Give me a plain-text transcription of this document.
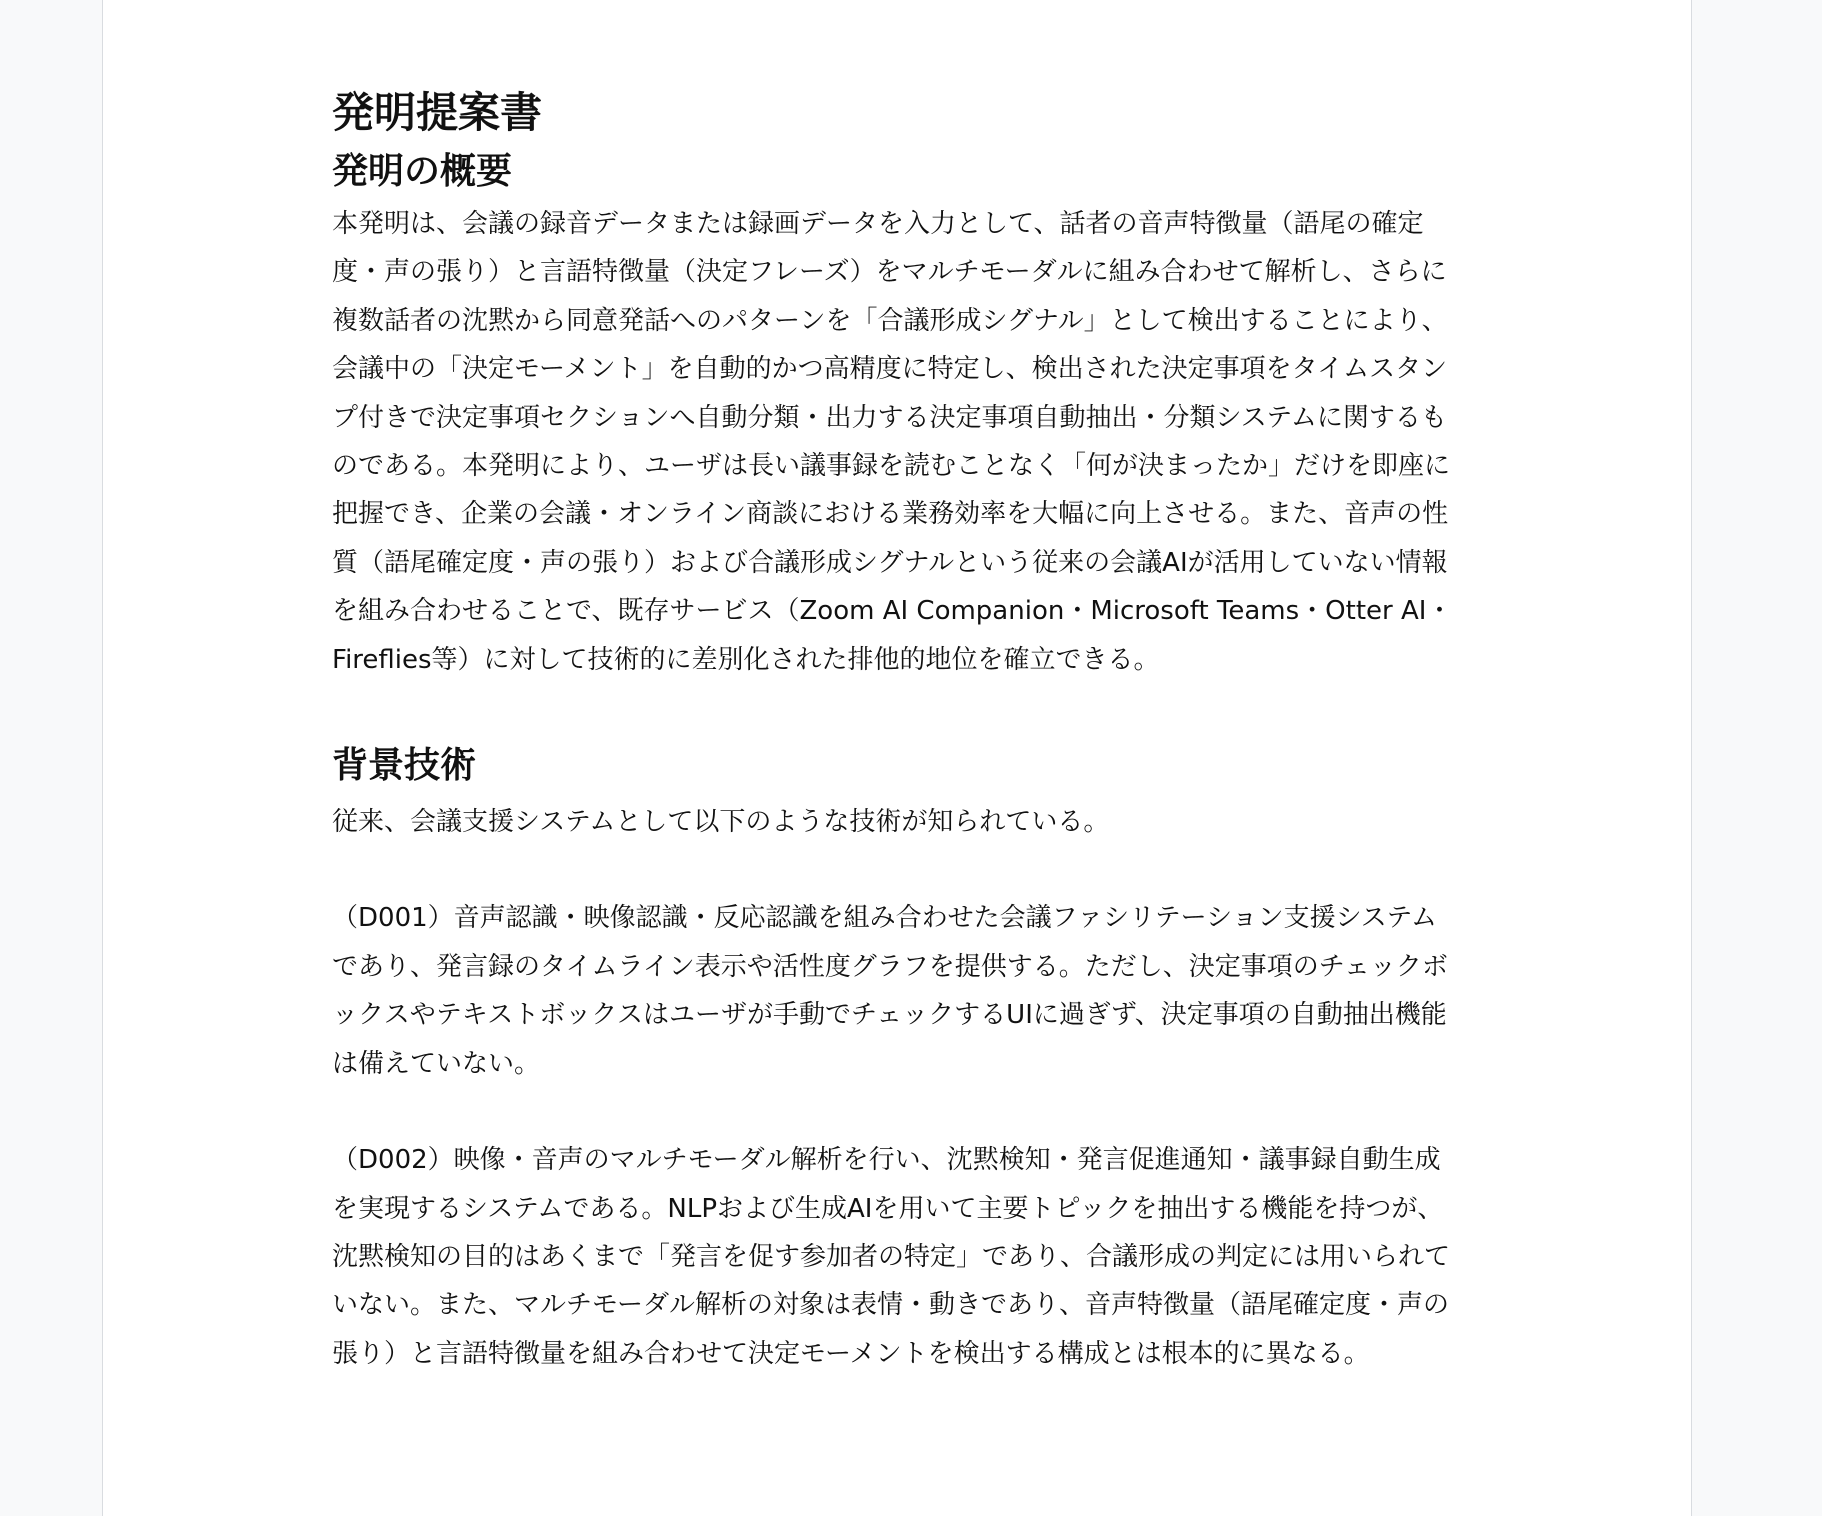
発明提案書
発明の概要

本発明は、会議の録音データまたは録画データを入力として、話者の音声特徴量（語尾の確定度・声の張り）と言語特徴量（決定フレーズ）をマルチモーダルに組み合わせて解析し、さらに複数話者の沈黙から同意発話へのパターンを「合議形成シグナル」として検出することにより、会議中の「決定モーメント」を自動的かつ高精度に特定し、検出された決定事項をタイムスタンプ付きで決定事項セクションへ自動分類・出力する決定事項自動抽出・分類システムに関するものである。本発明により、ユーザは長い議事録を読むことなく「何が決まったか」だけを即座に把握でき、企業の会議・オンライン商談における業務効率を大幅に向上させる。また、音声の性質（語尾確定度・声の張り）および合議形成シグナルという従来の会議AIが活用していない情報を組み合わせることで、既存サービス（Zoom AI Companion・Microsoft Teams・Otter AI・Fireflies等）に対して技術的に差別化された排他的地位を確立できる。

背景技術

従来、会議支援システムとして以下のような技術が知られている。

（D001）音声認識・映像認識・反応認識を組み合わせた会議ファシリテーション支援システムであり、発言録のタイムライン表示や活性度グラフを提供する。ただし、決定事項のチェックボックスやテキストボックスはユーザが手動でチェックするUIに過ぎず、決定事項の自動抽出機能は備えていない。

（D002）映像・音声のマルチモーダル解析を行い、沈黙検知・発言促進通知・議事録自動生成を実現するシステムである。NLPおよび生成AIを用いて主要トピックを抽出する機能を持つが、沈黙検知の目的はあくまで「発言を促す参加者の特定」であり、合議形成の判定には用いられていない。また、マルチモーダル解析の対象は表情・動きであり、音声特徴量（語尾確定度・声の張り）と言語特徴量を組み合わせて決定モーメントを検出する構成とは根本的に異なる。
